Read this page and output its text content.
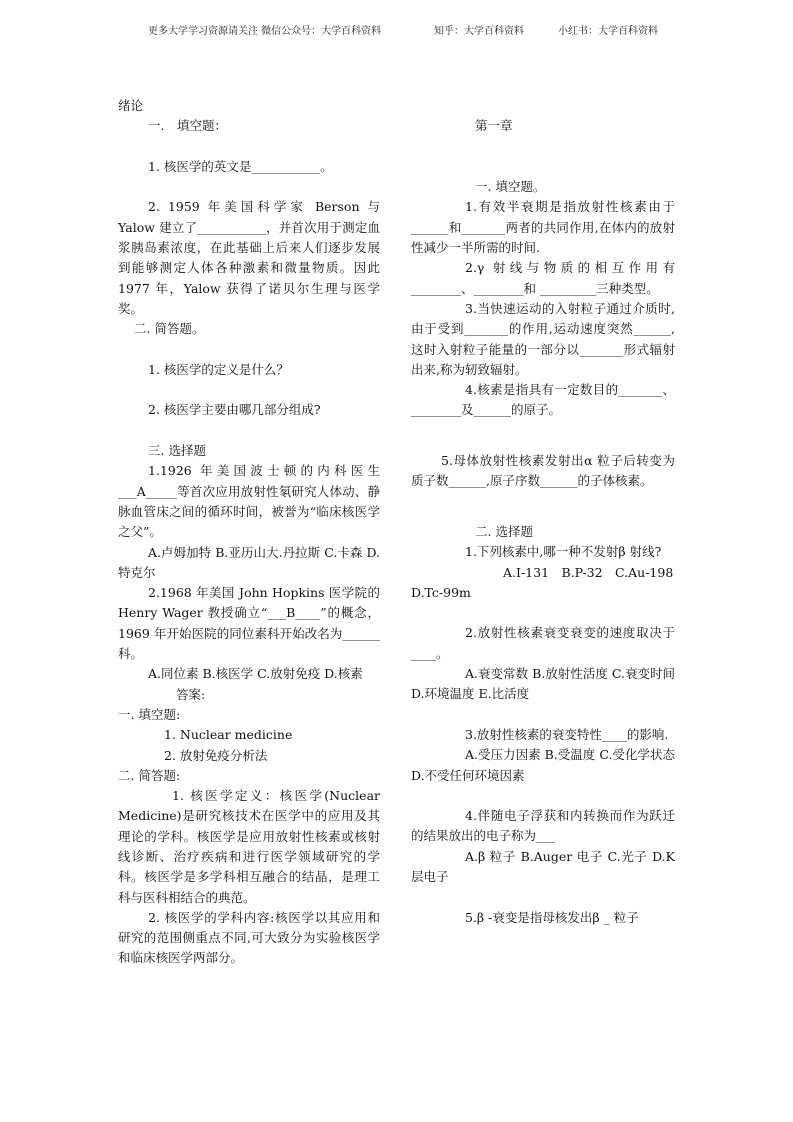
更多大学学习资源请关注 微信公众号：大学百科资料	知乎：大学百科资料	小红书：大学百科资料

绪论

一.　填空题：

1. 核医学的英文是___________。

2. 1959 年美国科学家 Berson 与 Yalow 建立了___________，并首次用于测定血浆胰岛素浓度，在此基础上后来人们逐步发展到能够测定人体各种激素和微量物质。因此 1977 年，Yalow 获得了诺贝尔生理与医学奖。

二. 简答题。

1. 核医学的定义是什么？

2. 核医学主要由哪几部分组成?

三. 选择题

1.1926 年美国波士顿的内科医生___A_____等首次应用放射性氡研究人体动、静脉血管床之间的循环时间，被誉为“临床核医学之父”。

A.卢姆加特 B.亚历山大.丹拉斯 C.卡森 D.特克尔

2.1968 年美国 John Hopkins 医学院的 Henry Wager 教授确立“___B____”的概念，1969 年开始医院的同位素科开始改名为______科。

A.同位素 B.核医学 C.放射免疫 D.核素

答案:

一. 填空题:

1. Nuclear medicine

2. 放射免疫分析法

二. 简答题:

1. 核医学定义：核医学(Nuclear Medicine)是研究核技术在医学中的应用及其理论的学科。核医学是应用放射性核素或核射线诊断、治疗疾病和进行医学领域研究的学科。核医学是多学科相互融合的结晶，是理工科与医科相结合的典范。

2. 核医学的学科内容:核医学以其应用和研究的范围侧重点不同,可大致分为实验核医学和临床核医学两部分。

第一章

一. 填空题。

1.有效半衰期是指放射性核素由于______和_______两者的共同作用,在体内的放射性减少一半所需的时间.

2.γ 射线与物质的相互作用有________、________和 _________三种类型。

3.当快速运动的入射粒子通过介质时,由于受到_______的作用,运动速度突然______,这时入射粒子能量的一部分以_______形式辐射出来,称为轫致辐射。

4.核素是指具有一定数目的_______、________及______的原子。

5.母体放射性核素发射出α 粒子后转变为质子数______,原子序数______的子体核素。

二. 选择题

1.下列核素中,哪一种不发射β 射线?

A.I-131　B.P-32　C.Au-198

D.Tc-99m

2.放射性核素衰变衰变的速度取决于____。

A.衰变常数 B.放射性活度 C.衰变时间 D.环境温度 E.比活度

3.放射性核素的衰变特性____的影响.

A.受压力因素 B.受温度 C.受化学状态 D.不受任何环境因素

4.伴随电子浮获和内转换而作为跃迁的结果放出的电子称为___

A.β 粒子 B.Auger 电子 C.光子 D.K 层电子

5.β -衰变是指母核发出β _ 粒子
